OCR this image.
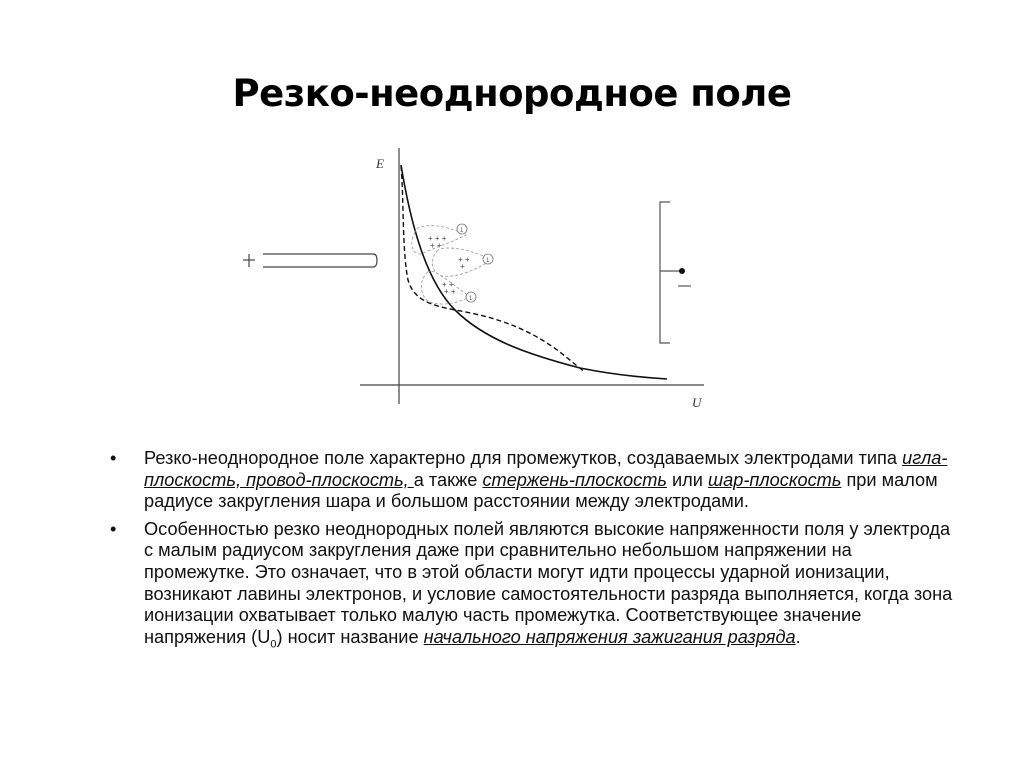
Резко-неоднородное поле
E
U
1
+ + +
+ +
1
+ +
+
1
+ +
+ +
• Резко-неоднородное поле характерно для промежутков, создаваемых электродами типа игла-плоскость, провод-плоскость, а также стержень-плоскость или шар-плоскость при малом радиусе закругления шара и большом расстоянии между электродами.
• Особенностью резко неоднородных полей являются высокие напряженности поля у электрода с малым радиусом закругления даже при сравнительно небольшом напряжении на промежутке. Это означает, что в этой области могут идти процессы ударной ионизации, возникают лавины электронов, и условие самостоятельности разряда выполняется, когда зона ионизации охватывает только малую часть промежутка. Соответствующее значение напряжения $(U_0)$ носит название начального напряжения зажигания разряда.
